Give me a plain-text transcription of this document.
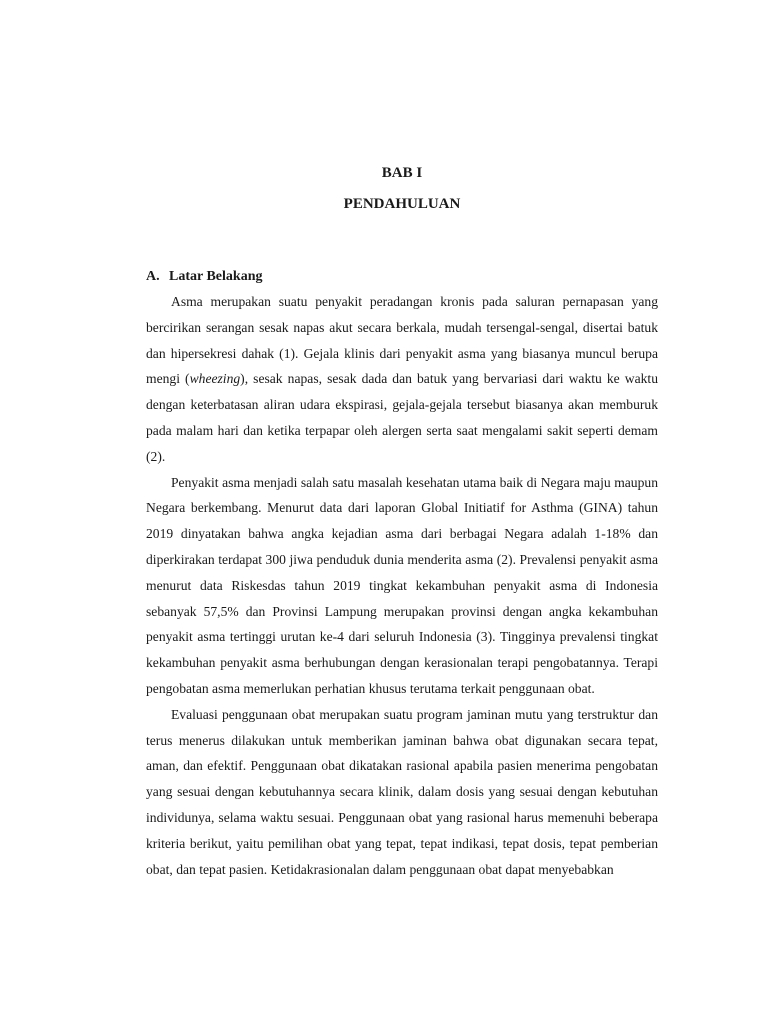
BAB I

PENDAHULUAN

A. Latar Belakang

Asma merupakan suatu penyakit peradangan kronis pada saluran pernapasan yang bercirikan serangan sesak napas akut secara berkala, mudah tersengal-sengal, disertai batuk dan hipersekresi dahak (1). Gejala klinis dari penyakit asma yang biasanya muncul berupa mengi (wheezing), sesak napas, sesak dada dan batuk yang bervariasi dari waktu ke waktu dengan keterbatasan aliran udara ekspirasi, gejala-gejala tersebut biasanya akan memburuk pada malam hari dan ketika terpapar oleh alergen serta saat mengalami sakit seperti demam (2).

Penyakit asma menjadi salah satu masalah kesehatan utama baik di Negara maju maupun Negara berkembang. Menurut data dari laporan Global Initiatif for Asthma (GINA) tahun 2019 dinyatakan bahwa angka kejadian asma dari berbagai Negara adalah 1-18% dan diperkirakan terdapat 300 jiwa penduduk dunia menderita asma (2). Prevalensi penyakit asma menurut data Riskesdas tahun 2019 tingkat kekambuhan penyakit asma di Indonesia sebanyak 57,5% dan Provinsi Lampung merupakan provinsi dengan angka kekambuhan penyakit asma tertinggi urutan ke-4 dari seluruh Indonesia (3). Tingginya prevalensi tingkat kekambuhan penyakit asma berhubungan dengan kerasionalan terapi pengobatannya. Terapi pengobatan asma memerlukan perhatian khusus terutama terkait penggunaan obat.

Evaluasi penggunaan obat merupakan suatu program jaminan mutu yang terstruktur dan terus menerus dilakukan untuk memberikan jaminan bahwa obat digunakan secara tepat, aman, dan efektif. Penggunaan obat dikatakan rasional apabila pasien menerima pengobatan yang sesuai dengan kebutuhannya secara klinik, dalam dosis yang sesuai dengan kebutuhan individunya, selama waktu sesuai. Penggunaan obat yang rasional harus memenuhi beberapa kriteria berikut, yaitu pemilihan obat yang tepat, tepat indikasi, tepat dosis, tepat pemberian obat, dan tepat pasien. Ketidakrasionalan dalam penggunaan obat dapat menyebabkan
